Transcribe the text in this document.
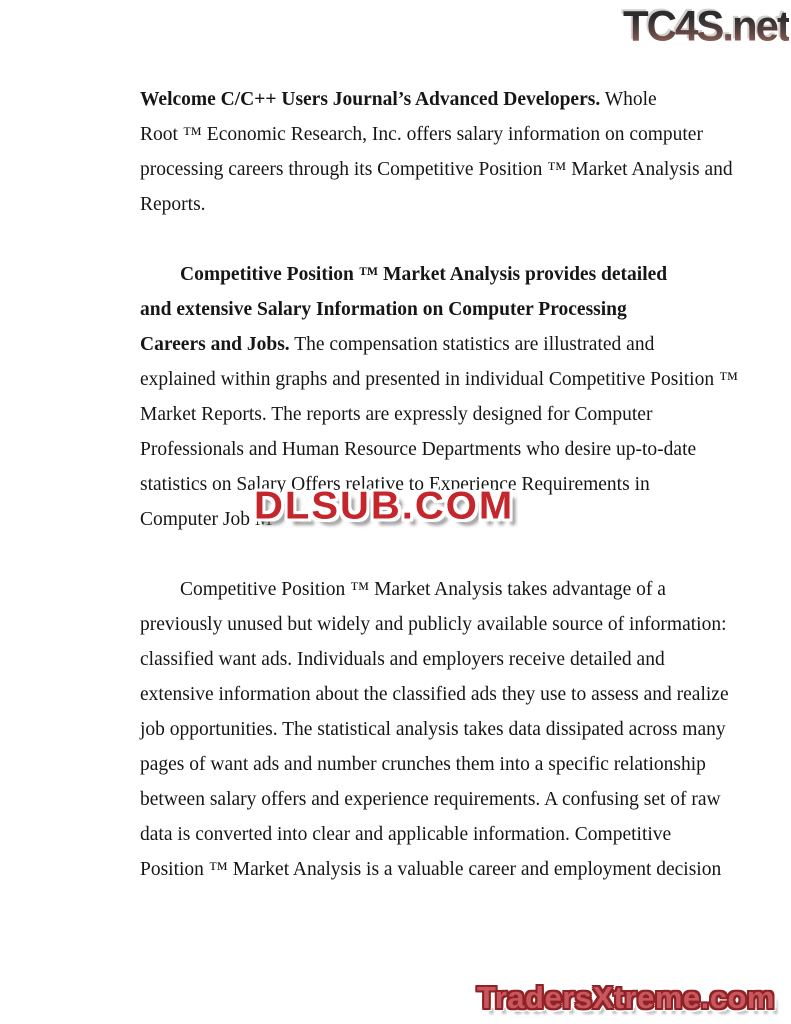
TC4S.net
Welcome C/C++ Users Journal’s Advanced Developers. Whole
Root ™ Economic Research, Inc. offers salary information on computer
processing careers through its Competitive Position ™ Market Analysis and
Reports.
Competitive Position ™ Market Analysis provides detailed
and extensive Salary Information on Computer Processing
Careers and Jobs. The compensation statistics are illustrated and
explained within graphs and presented in individual Competitive Position ™
Market Reports. The reports are expressly designed for Computer
Professionals and Human Resource Departments who desire up-to-date
statistics on Salary Offers relative to Experience Requirements in
Computer Job M
Competitive Position ™ Market Analysis takes advantage of a
previously unused but widely and publicly available source of information:
classified want ads. Individuals and employers receive detailed and
extensive information about the classified ads they use to assess and realize
job opportunities. The statistical analysis takes data dissipated across many
pages of want ads and number crunches them into a specific relationship
between salary offers and experience requirements. A confusing set of raw
data is converted into clear and applicable information. Competitive
Position ™ Market Analysis is a valuable career and employment decision
DLSUB.COM
TradersXtreme.com
